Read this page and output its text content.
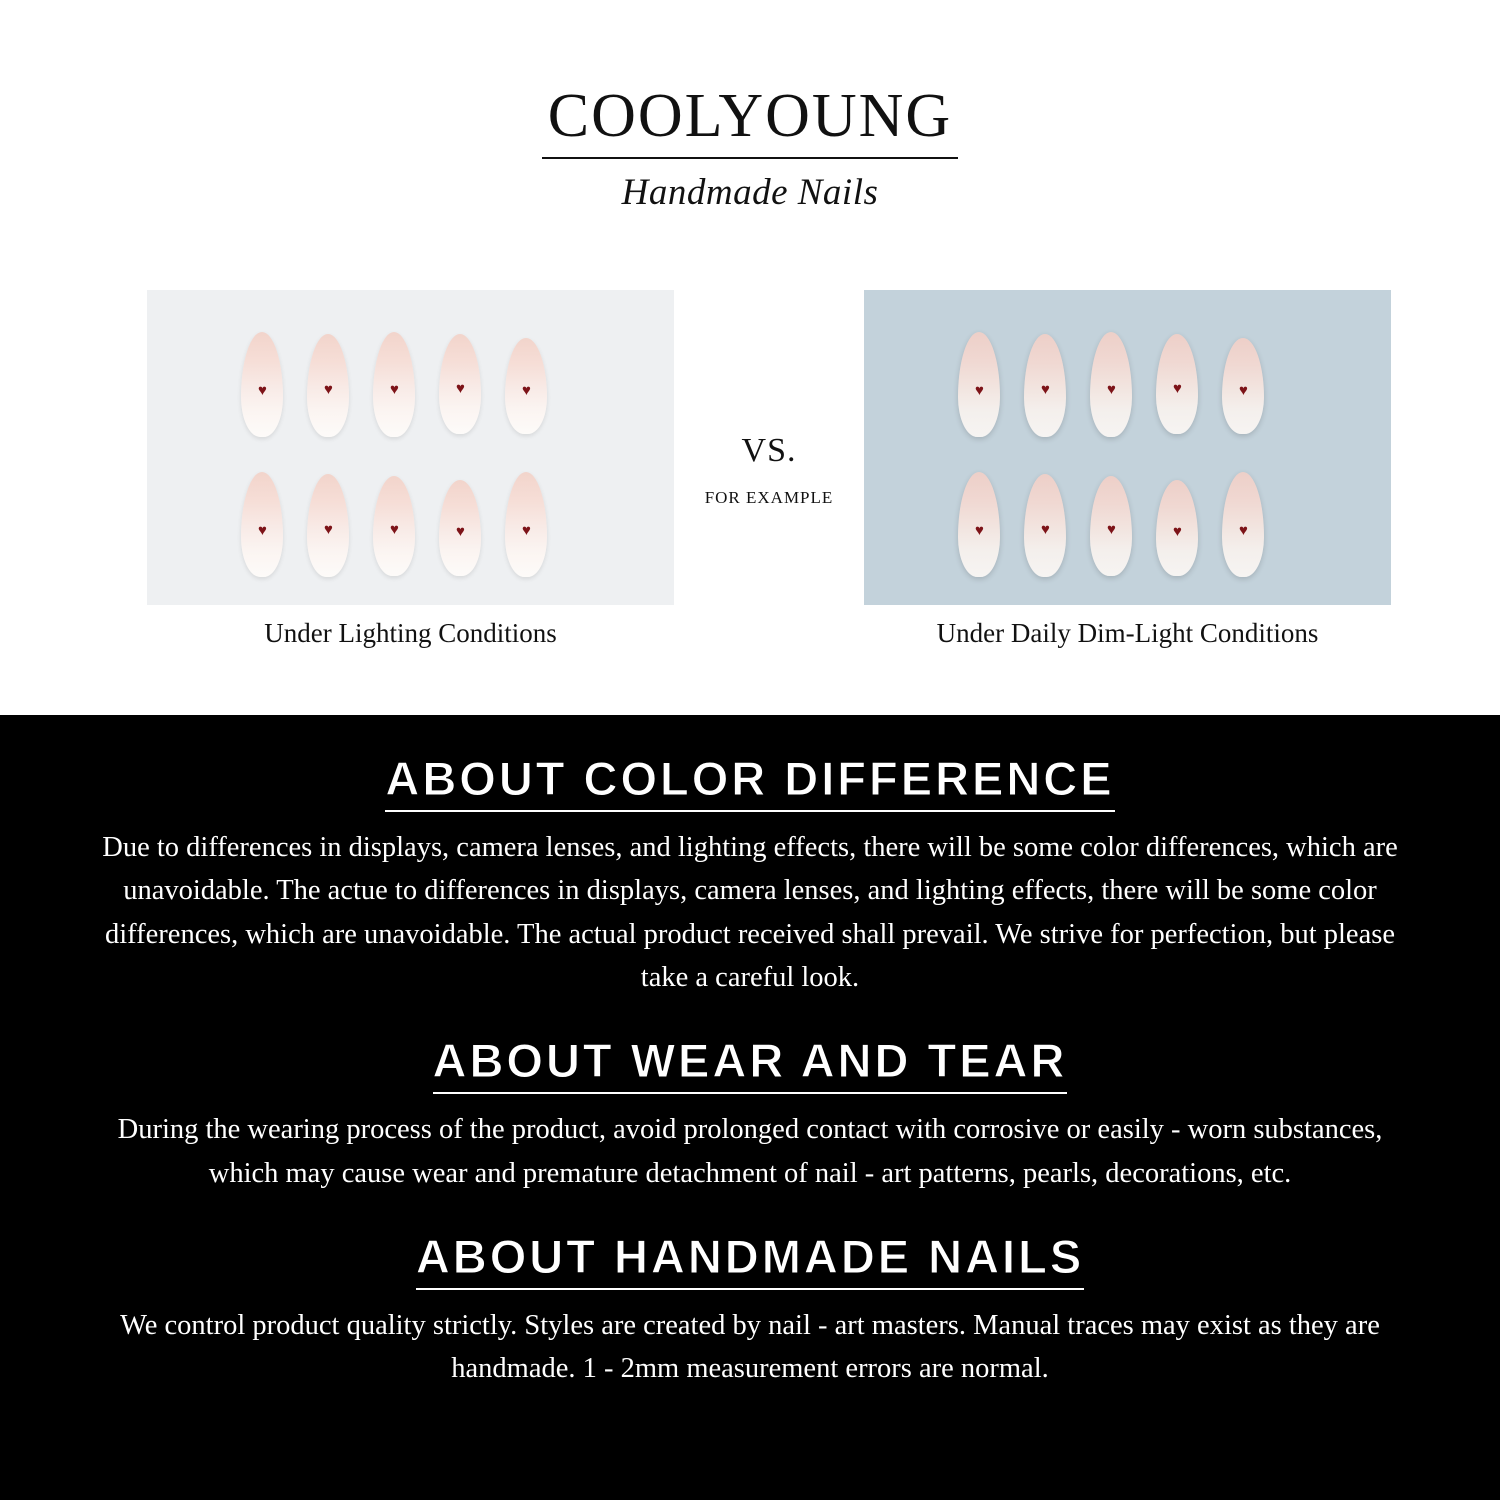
COOLYOUNG
Handmade Nails
♥
♥
♥
♥
♥
♥
♥
♥
♥
♥
♥
♥
♥
♥
♥
♥
♥
♥
♥
♥
VS.
FOR EXAMPLE
Under Lighting Conditions	Under Daily Dim-Light Conditions
ABOUT COLOR DIFFERENCE
Due to differences in displays, camera lenses, and lighting effects, there will be some color differences, which are unavoidable. The actue to differences in displays, camera lenses, and lighting effects, there will be some color differences, which are unavoidable. The actual product received shall prevail. We strive for perfection, but please take a careful look.
ABOUT WEAR AND TEAR
During the wearing process of the product, avoid prolonged contact with corrosive or easily - worn substances, which may cause wear and premature detachment of nail - art patterns, pearls, decorations, etc.
ABOUT HANDMADE NAILS
We control product quality strictly. Styles are created by nail - art masters. Manual traces may exist as they are handmade. 1 - 2mm measurement errors are normal.
